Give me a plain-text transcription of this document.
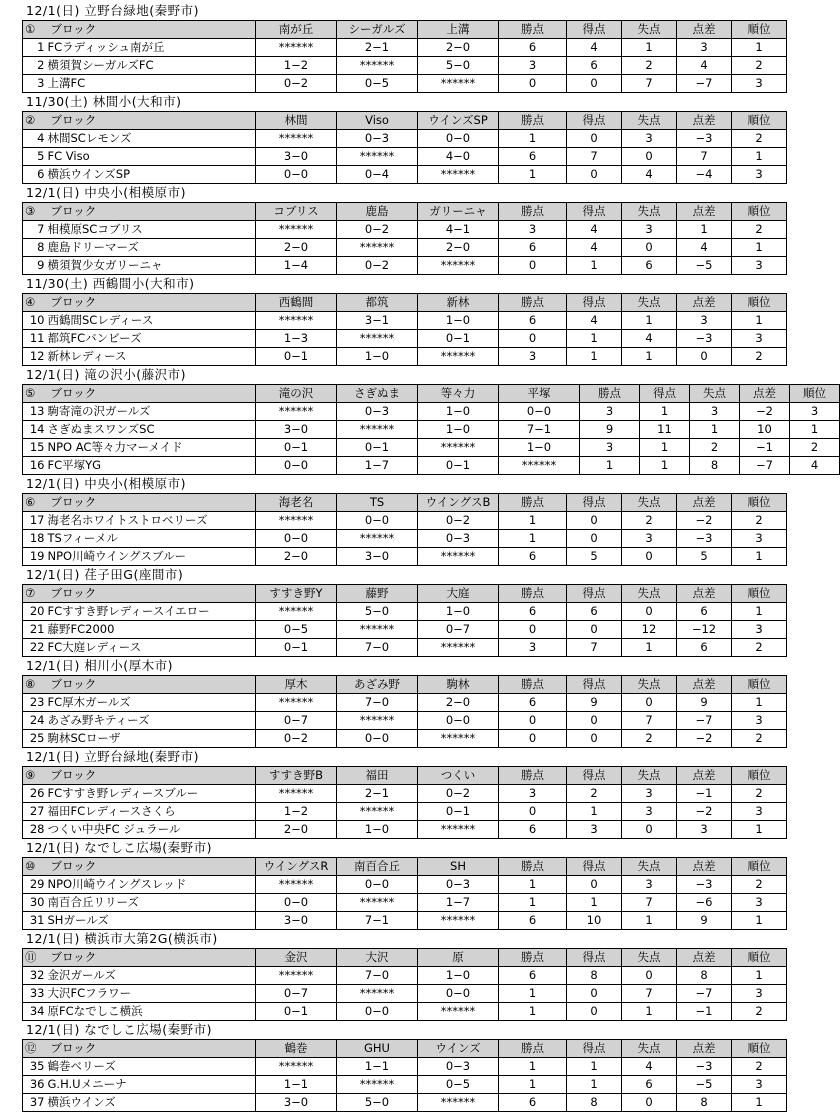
12/1(日) 立野台緑地(秦野市)
①	ブロック	南が丘	シーガルズ	上溝	勝点	得点	失点	点差	順位
1	FCラディッシュ南が丘	******	2−1	2−0	6	4	1	3	1
2	横須賀シーガルズFC	1−2	******	5−0	3	6	2	4	2
3	上溝FC	0−2	0−5	******	0	0	7	−7	3
11/30(土) 林間小(大和市)
②	ブロック	林間	Viso	ウインズSP	勝点	得点	失点	点差	順位
4	林間SCレモンズ	******	0−3	0−0	1	0	3	−3	2
5	FC Viso	3−0	******	4−0	6	7	0	7	1
6	横浜ウインズSP	0−0	0−4	******	1	0	4	−4	3
12/1(日) 中央小(相模原市)
③	ブロック	コブリス	鹿島	ガリーニャ	勝点	得点	失点	点差	順位
7	相模原SCコブリス	******	0−2	4−1	3	4	3	1	2
8	鹿島ドリーマーズ	2−0	******	2−0	6	4	0	4	1
9	横須賀少女ガリーニャ	1−4	0−2	******	0	1	6	−5	3
11/30(土) 西鶴間小(大和市)
④	ブロック	西鶴間	都筑	新林	勝点	得点	失点	点差	順位
10	西鶴間SCレディース	******	3−1	1−0	6	4	1	3	1
11	都筑FCバンビーズ	1−3	******	0−1	0	1	4	−3	3
12	新林レディース	0−1	1−0	******	3	1	1	0	2
12/1(日) 滝の沢小(藤沢市)
⑤	ブロック	滝の沢	さぎぬま	等々力	平塚	勝点	得点	失点	点差	順位
13	駒寄滝の沢ガールズ	******	0−3	1−0	0−0	3	1	3	−2	3
14	さぎぬまスワンズSC	3−0	******	1−0	7−1	9	11	1	10	1
15	NPO AC等々力マーメイド	0−1	0−1	******	1−0	3	1	2	−1	2
16	FC平塚YG	0−0	1−7	0−1	******	1	1	8	−7	4
12/1(日) 中央小(相模原市)
⑥	ブロック	海老名	TS	ウイングスB	勝点	得点	失点	点差	順位
17	海老名ホワイトストロベリーズ	******	0−0	0−2	1	0	2	−2	2
18	TSフィーメル	0−0	******	0−3	1	0	3	−3	3
19	NPO川崎ウイングスブルー	2−0	3−0	******	6	5	0	5	1
12/1(日) 荏子田G(座間市)
⑦	ブロック	すすき野Y	藤野	大庭	勝点	得点	失点	点差	順位
20	FCすすき野レディースイエロー	******	5−0	1−0	6	6	0	6	1
21	藤野FC2000	0−5	******	0−7	0	0	12	−12	3
22	FC大庭レディース	0−1	7−0	******	3	7	1	6	2
12/1(日) 相川小(厚木市)
⑧	ブロック	厚木	あざみ野	駒林	勝点	得点	失点	点差	順位
23	FC厚木ガールズ	******	7−0	2−0	6	9	0	9	1
24	あざみ野キティーズ	0−7	******	0−0	0	0	7	−7	3
25	駒林SCローザ	0−2	0−0	******	0	0	2	−2	2
12/1(日) 立野台緑地(秦野市)
⑨	ブロック	すすき野B	福田	つくい	勝点	得点	失点	点差	順位
26	FCすすき野レディースブルー	******	2−1	0−2	3	2	3	−1	2
27	福田FCレディースさくら	1−2	******	0−1	0	1	3	−2	3
28	つくい中央FC ジュラール	2−0	1−0	******	6	3	0	3	1
12/1(日) なでしこ広場(秦野市)
⑩	ブロック	ウイングスR	南百合丘	SH	勝点	得点	失点	点差	順位
29	NPO川崎ウイングスレッド	******	0−0	0−3	1	0	3	−3	2
30	南百合丘リリーズ	0−0	******	1−7	1	1	7	−6	3
31	SHガールズ	3−0	7−1	******	6	10	1	9	1
12/1(日) 横浜市大第2G(横浜市)
⑪	ブロック	金沢	大沢	原	勝点	得点	失点	点差	順位
32	金沢ガールズ	******	7−0	1−0	6	8	0	8	1
33	大沢FCフラワー	0−7	******	0−0	1	0	7	−7	3
34	原FCなでしこ横浜	0−1	0−0	******	1	0	1	−1	2
12/1(日) なでしこ広場(秦野市)
⑫	ブロック	鶴巻	GHU	ウインズ	勝点	得点	失点	点差	順位
35	鶴巻ベリーズ	******	1−1	0−3	1	1	4	−3	2
36	G.H.Uメニーナ	1−1	******	0−5	1	1	6	−5	3
37	横浜ウインズ	3−0	5−0	******	6	8	0	8	1
